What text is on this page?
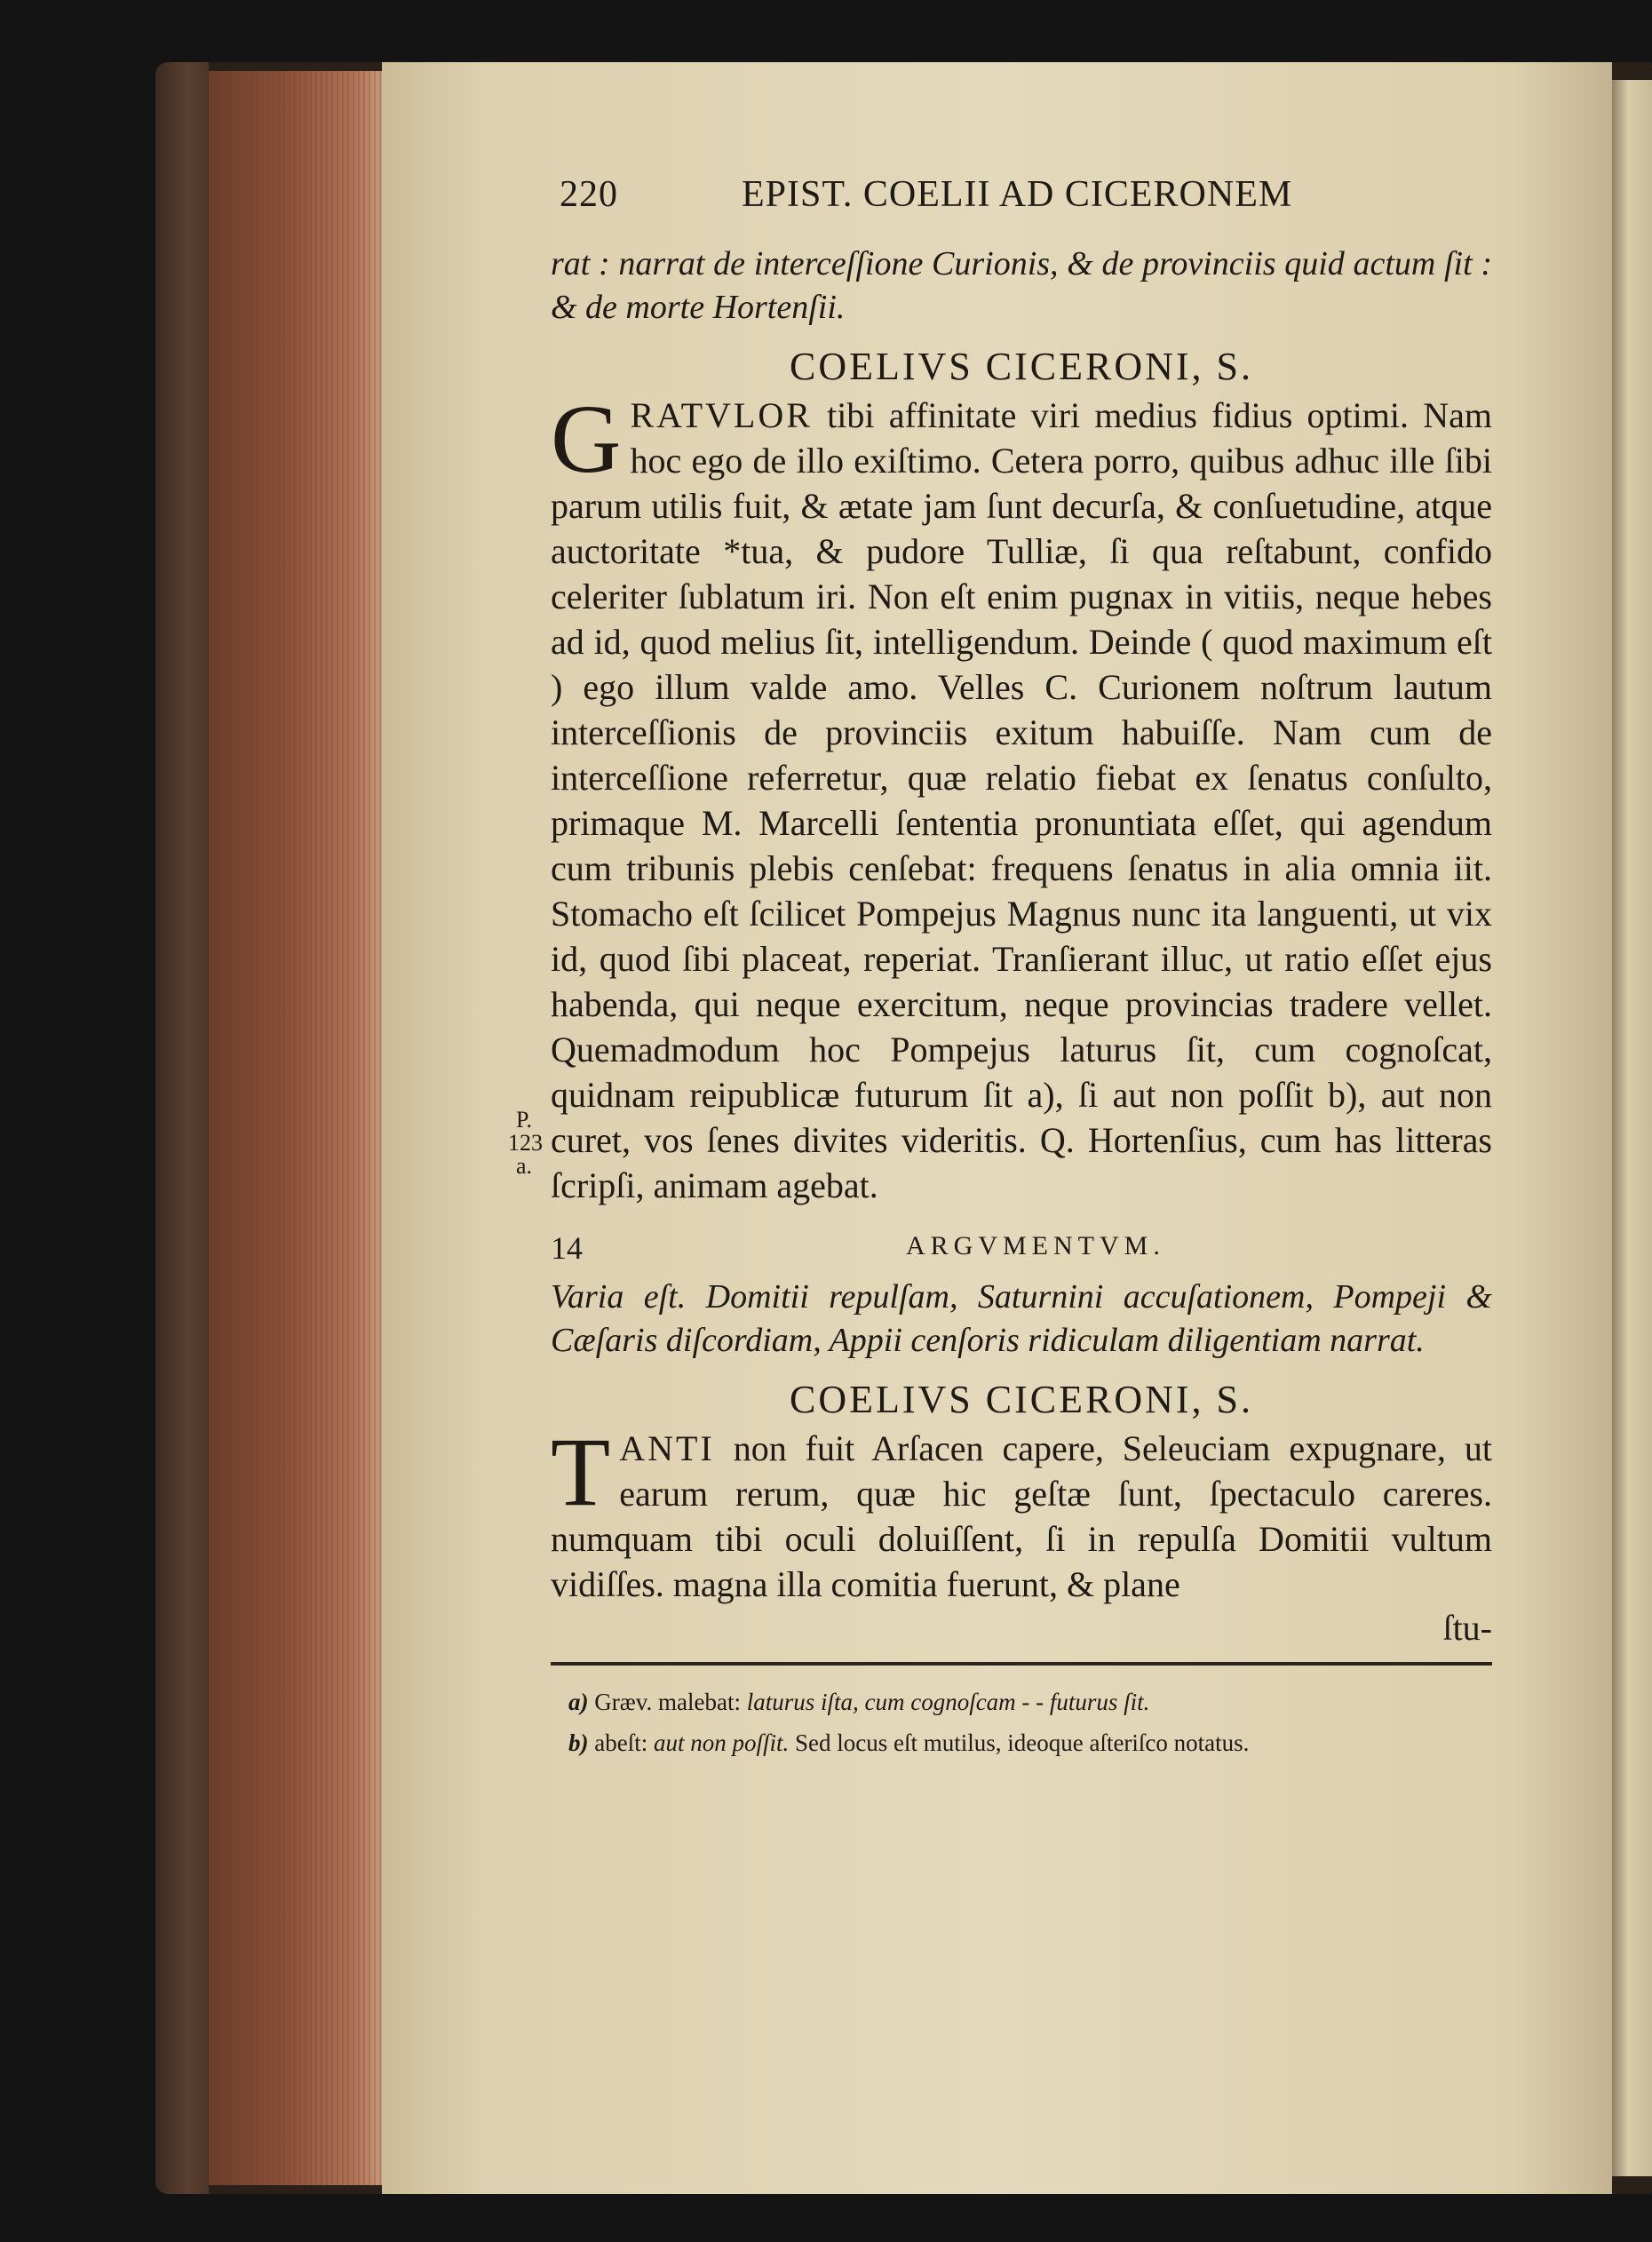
P.
123
a.
220	EPIST. COELII AD CICERONEM

rat : narrat de interceſſione Curionis, & de provinciis quid actum ſit : & de morte Hortenſii.

COELIVS CICERONI, S.

GRATVLOR tibi affinitate viri medius fidius optimi. Nam hoc ego de illo exiſtimo. Cetera porro, quibus adhuc ille ſibi parum utilis fuit, & ætate jam ſunt decurſa, & conſuetudine, atque auctoritate *tua, & pudore Tulliæ, ſi qua reſtabunt, confido celeriter ſublatum iri. Non eſt enim pugnax in vitiis, neque hebes ad id, quod melius ſit, intelligendum. Deinde ( quod maximum eſt ) ego illum valde amo. Velles C. Curionem noſtrum lautum interceſſionis de provinciis exitum habuiſſe. Nam cum de interceſſione referretur, quæ relatio fiebat ex ſenatus conſulto, primaque M. Marcelli ſententia pronuntiata eſſet, qui agendum cum tribunis plebis cenſebat: frequens ſenatus in alia omnia iit. Stomacho eſt ſcilicet Pompejus Magnus nunc ita languenti, ut vix id, quod ſibi placeat, reperiat. Tranſierant illuc, ut ratio eſſet ejus habenda, qui neque exercitum, neque provincias tradere vellet. Quemadmodum hoc Pompejus laturus ſit, cum cognoſcat, quidnam reipublicæ futurum ſit a), ſi aut non poſſit b), aut non curet, vos ſenes divites videritis. Q. Hortenſius, cum has litteras ſcripſi, animam agebat.

14	ARGVMENTVM.

Varia eſt. Domitii repulſam, Saturnini accuſationem, Pompeji & Cæſaris diſcordiam, Appii cenſoris ridiculam diligentiam narrat.

COELIVS CICERONI, S.

TANTI non fuit Arſacen capere, Seleuciam expugnare, ut earum rerum, quæ hic geſtæ ſunt, ſpectaculo careres. numquam tibi oculi doluiſſent, ſi in repulſa Domitii vultum vidiſſes. magna illa comitia fuerunt, & plane

ſtu-

a) Græv. malebat: laturus iſta, cum cognoſcam - - futurus ſit.
b) abeſt: aut non poſſit. Sed locus eſt mutilus, ideoque aſteriſco notatus.
